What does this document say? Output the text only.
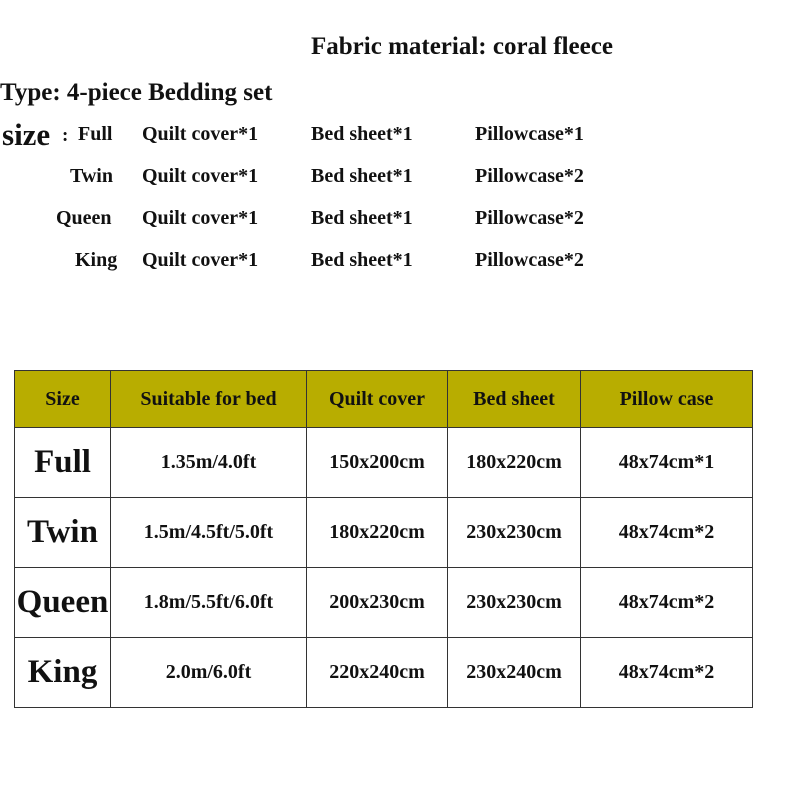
Fabric material: coral fleece
Type: 4-piece Bedding set
size : Full Quilt cover*1	Bed sheet*1	Pillowcase*1
Twin Quilt cover*1	Bed sheet*1	Pillowcase*2
Queen Quilt cover*1	Bed sheet*1	Pillowcase*2
King Quilt cover*1	Bed sheet*1	Pillowcase*2
Size	Suitable for bed	Quilt cover	Bed sheet	Pillow case
Full	1.35m/4.0ft	150x200cm	180x220cm	48x74cm*1
Twin	1.5m/4.5ft/5.0ft	180x220cm	230x230cm	48x74cm*2
Queen	1.8m/5.5ft/6.0ft	200x230cm	230x230cm	48x74cm*2
King	2.0m/6.0ft	220x240cm	230x240cm	48x74cm*2
